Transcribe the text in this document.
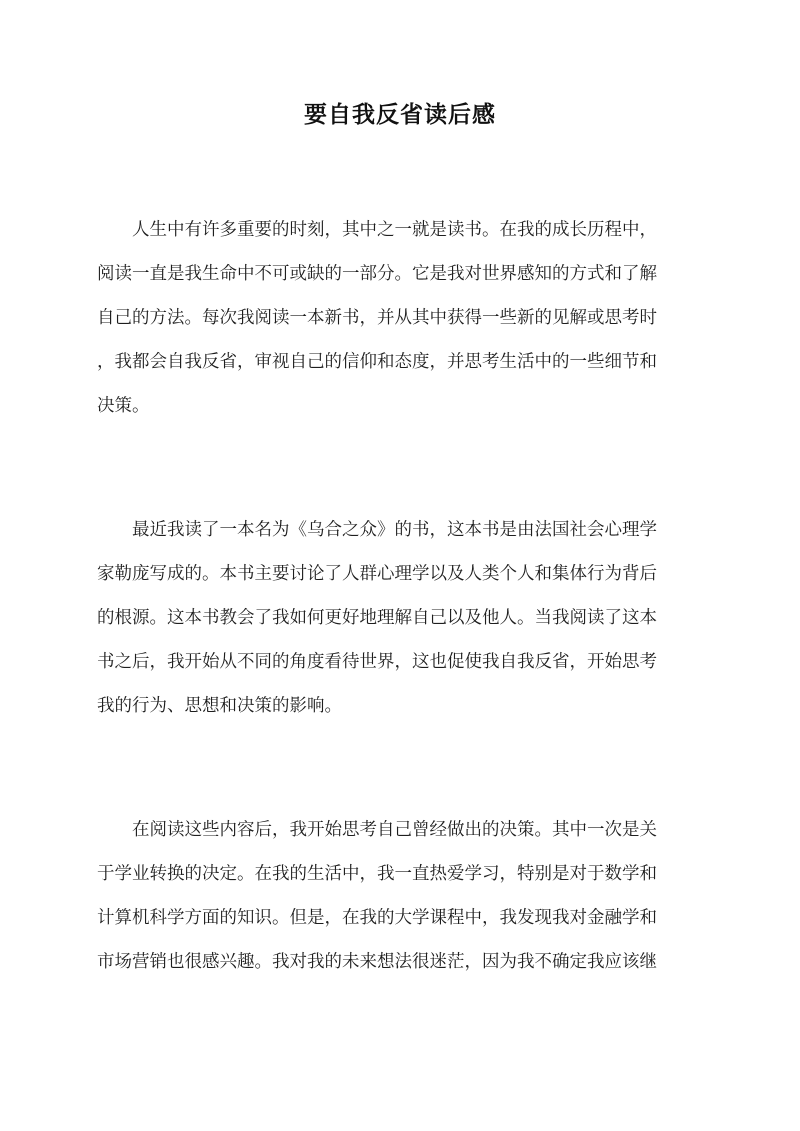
要自我反省读后感
　　人生中有许多重要的时刻，其中之一就是读书。在我的成长历程中，
阅读一直是我生命中不可或缺的一部分。它是我对世界感知的方式和了解
自己的方法。每次我阅读一本新书，并从其中获得一些新的见解或思考时
，我都会自我反省，审视自己的信仰和态度，并思考生活中的一些细节和
决策。
　　最近我读了一本名为《乌合之众》的书，这本书是由法国社会心理学
家勒庞写成的。本书主要讨论了人群心理学以及人类个人和集体行为背后
的根源。这本书教会了我如何更好地理解自己以及他人。当我阅读了这本
书之后，我开始从不同的角度看待世界，这也促使我自我反省，开始思考
我的行为、思想和决策的影响。
　　在阅读这些内容后，我开始思考自己曾经做出的决策。其中一次是关
于学业转换的决定。在我的生活中，我一直热爱学习，特别是对于数学和
计算机科学方面的知识。但是，在我的大学课程中，我发现我对金融学和
市场营销也很感兴趣。我对我的未来想法很迷茫，因为我不确定我应该继
